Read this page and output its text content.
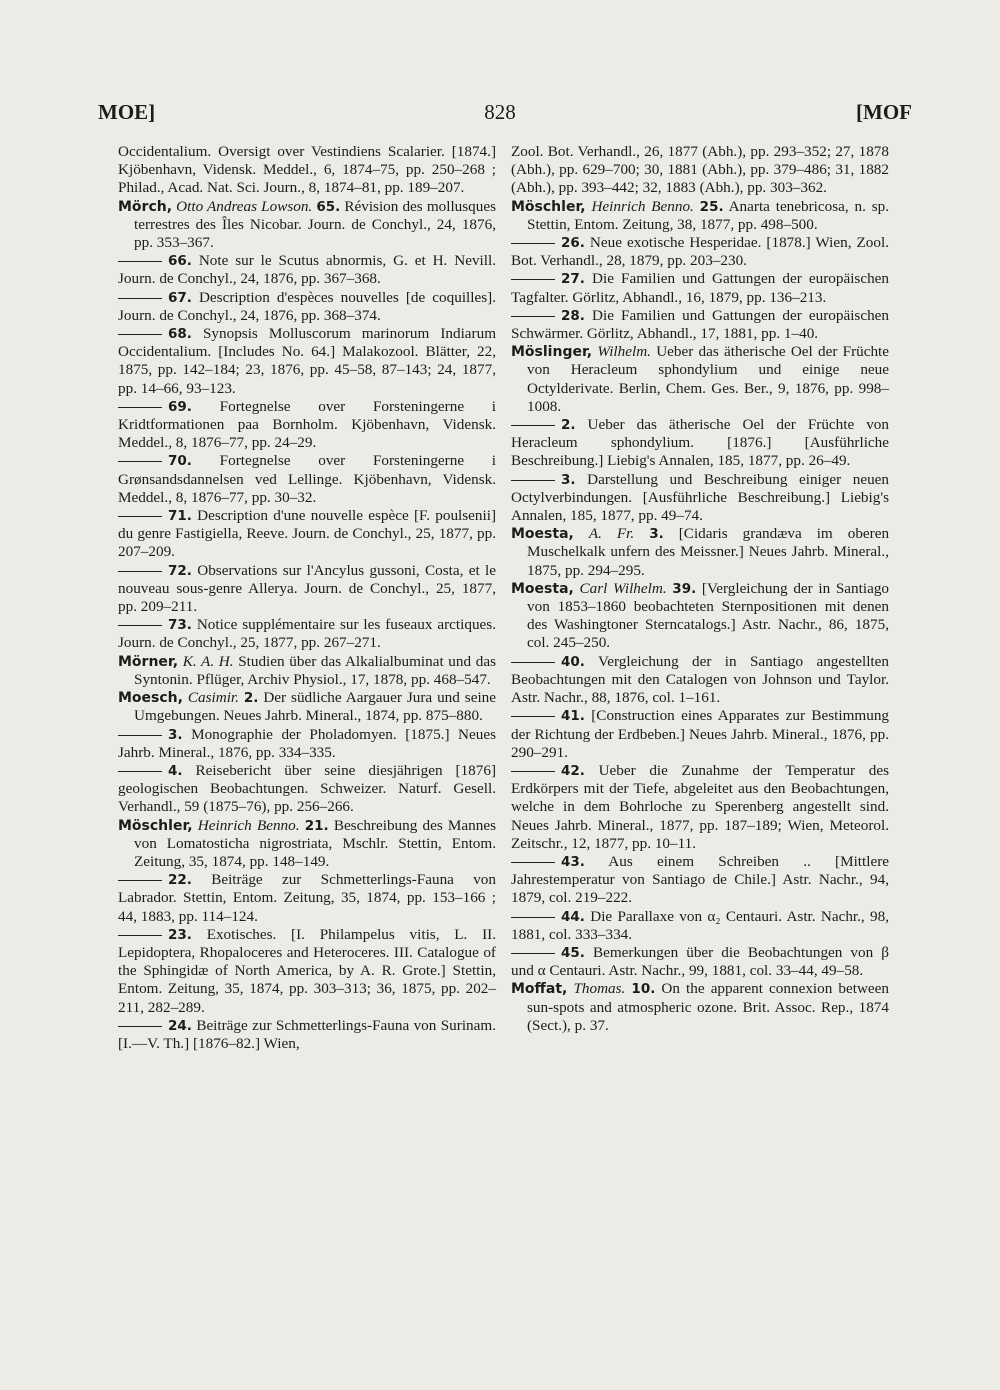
MOE]	828	[MOF

Occidentalium. Oversigt over Vestindiens Scalarier. [1874.] Kjöbenhavn, Vidensk. Meddel., 6, 1874–75, pp. 250–268 ; Philad., Acad. Nat. Sci. Journ., 8, 1874–81, pp. 189–207.

Mörch, Otto Andreas Lowson. 65. Révision des mollusques terrestres des Îles Nicobar. Journ. de Conchyl., 24, 1876, pp. 353–367.

66. Note sur le Scutus abnormis, G. et H. Nevill. Journ. de Conchyl., 24, 1876, pp. 367–368.

67. Description d'espèces nouvelles [de coquilles]. Journ. de Conchyl., 24, 1876, pp. 368–374.

68. Synopsis Molluscorum marinorum Indiarum Occidentalium. [Includes No. 64.] Malakozool. Blätter, 22, 1875, pp. 142–184; 23, 1876, pp. 45–58, 87–143; 24, 1877, pp. 14–66, 93–123.

69. Fortegnelse over Forsteningerne i Kridtformationen paa Bornholm. Kjöbenhavn, Vidensk. Meddel., 8, 1876–77, pp. 24–29.

70. Fortegnelse over Forsteningerne i Grønsandsdannelsen ved Lellinge. Kjöbenhavn, Vidensk. Meddel., 8, 1876–77, pp. 30–32.

71. Description d'une nouvelle espèce [F. poulsenii] du genre Fastigiella, Reeve. Journ. de Conchyl., 25, 1877, pp. 207–209.

72. Observations sur l'Ancylus gussoni, Costa, et le nouveau sous-genre Allerya. Journ. de Conchyl., 25, 1877, pp. 209–211.

73. Notice supplémentaire sur les fuseaux arctiques. Journ. de Conchyl., 25, 1877, pp. 267–271.

Mörner, K. A. H. Studien über das Alkalialbuminat und das Syntonin. Pflüger, Archiv Physiol., 17, 1878, pp. 468–547.

Moesch, Casimir. 2. Der südliche Aargauer Jura und seine Umgebungen. Neues Jahrb. Mineral., 1874, pp. 875–880.

3. Monographie der Pholadomyen. [1875.] Neues Jahrb. Mineral., 1876, pp. 334–335.

4. Reisebericht über seine diesjährigen [1876] geologischen Beobachtungen. Schweizer. Naturf. Gesell. Verhandl., 59 (1875–76), pp. 256–266.

Möschler, Heinrich Benno. 21. Beschreibung des Mannes von Lomatosticha nigrostriata, Mschlr. Stettin, Entom. Zeitung, 35, 1874, pp. 148–149.

22. Beiträge zur Schmetterlings-Fauna von Labrador. Stettin, Entom. Zeitung, 35, 1874, pp. 153–166 ; 44, 1883, pp. 114–124.

23. Exotisches. [I. Philampelus vitis, L. II. Lepidoptera, Rhopaloceres and Heteroceres. III. Catalogue of the Sphingidæ of North America, by A. R. Grote.] Stettin, Entom. Zeitung, 35, 1874, pp. 303–313; 36, 1875, pp. 202–211, 282–289.

24. Beiträge zur Schmetterlings-Fauna von Surinam. [I.—V. Th.] [1876–82.] Wien,

Zool. Bot. Verhandl., 26, 1877 (Abh.), pp. 293–352; 27, 1878 (Abh.), pp. 629–700; 30, 1881 (Abh.), pp. 379–486; 31, 1882 (Abh.), pp. 393–442; 32, 1883 (Abh.), pp. 303–362.

Möschler, Heinrich Benno. 25. Anarta tenebricosa, n. sp. Stettin, Entom. Zeitung, 38, 1877, pp. 498–500.

26. Neue exotische Hesperidae. [1878.] Wien, Zool. Bot. Verhandl., 28, 1879, pp. 203–230.

27. Die Familien und Gattungen der europäischen Tagfalter. Görlitz, Abhandl., 16, 1879, pp. 136–213.

28. Die Familien und Gattungen der europäischen Schwärmer. Görlitz, Abhandl., 17, 1881, pp. 1–40.

Möslinger, Wilhelm. Ueber das ätherische Oel der Früchte von Heracleum sphondylium und einige neue Octylderivate. Berlin, Chem. Ges. Ber., 9, 1876, pp. 998–1008.

2. Ueber das ätherische Oel der Früchte von Heracleum sphondylium. [1876.] [Ausführliche Beschreibung.] Liebig's Annalen, 185, 1877, pp. 26–49.

3. Darstellung und Beschreibung einiger neuen Octylverbindungen. [Ausführliche Beschreibung.] Liebig's Annalen, 185, 1877, pp. 49–74.

Moesta, A. Fr. 3. [Cidaris grandæva im oberen Muschelkalk unfern des Meissner.] Neues Jahrb. Mineral., 1875, pp. 294–295.

Moesta, Carl Wilhelm. 39. [Vergleichung der in Santiago von 1853–1860 beobachteten Sternpositionen mit denen des Washingtoner Sterncatalogs.] Astr. Nachr., 86, 1875, col. 245–250.

40. Vergleichung der in Santiago angestellten Beobachtungen mit den Catalogen von Johnson und Taylor. Astr. Nachr., 88, 1876, col. 1–161.

41. [Construction eines Apparates zur Bestimmung der Richtung der Erdbeben.] Neues Jahrb. Mineral., 1876, pp. 290–291.

42. Ueber die Zunahme der Temperatur des Erdkörpers mit der Tiefe, abgeleitet aus den Beobachtungen, welche in dem Bohrloche zu Sperenberg angestellt sind. Neues Jahrb. Mineral., 1877, pp. 187–189; Wien, Meteorol. Zeitschr., 12, 1877, pp. 10–11.

43. Aus einem Schreiben .. [Mittlere Jahrestemperatur von Santiago de Chile.] Astr. Nachr., 94, 1879, col. 219–222.

44. Die Parallaxe von α₂ Centauri. Astr. Nachr., 98, 1881, col. 333–334.

45. Bemerkungen über die Beobachtungen von β und α Centauri. Astr. Nachr., 99, 1881, col. 33–44, 49–58.

Moffat, Thomas. 10. On the apparent connexion between sun-spots and atmospheric ozone. Brit. Assoc. Rep., 1874 (Sect.), p. 37.
